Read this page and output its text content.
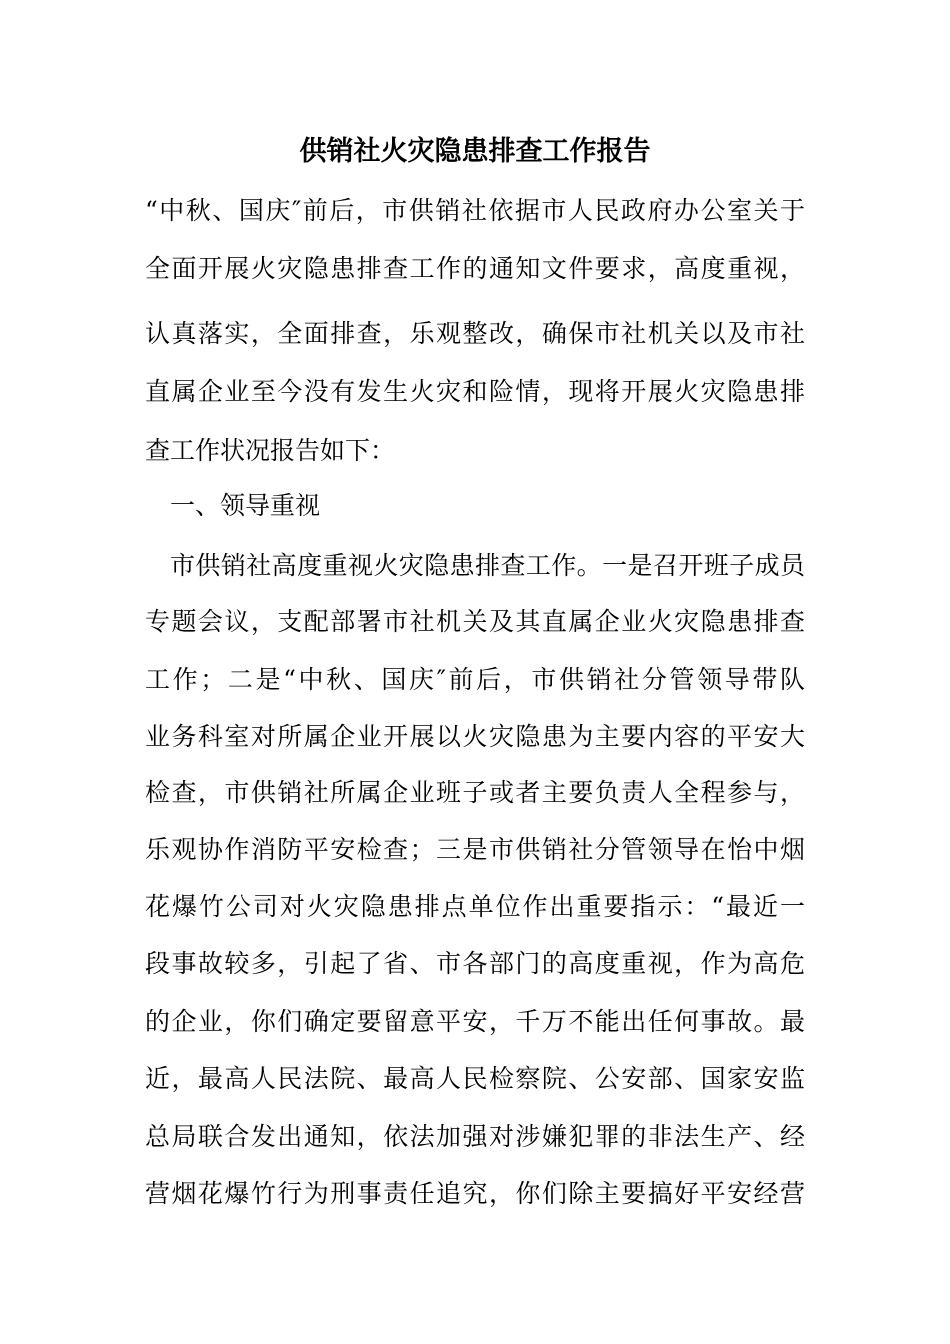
供销社火灾隐患排查工作报告

“中秋、国庆″前后，市供销社依据市人民政府办公室关于

全面开展火灾隐患排查工作的通知文件要求，高度重视，

认真落实，全面排查，乐观整改，确保市社机关以及市社

直属企业至今没有发生火灾和险情，现将开展火灾隐患排

查工作状况报告如下：

一、领导重视

市供销社高度重视火灾隐患排查工作。一是召开班子成员

专题会议，支配部署市社机关及其直属企业火灾隐患排查

工作；二是“中秋、国庆″前后，市供销社分管领导带队

业务科室对所属企业开展以火灾隐患为主要内容的平安大

检查，市供销社所属企业班子或者主要负责人全程参与，

乐观协作消防平安检查；三是市供销社分管领导在怡中烟

花爆竹公司对火灾隐患排点单位作出重要指示：“最近一

段事故较多，引起了省、市各部门的高度重视，作为高危

的企业，你们确定要留意平安，千万不能出任何事故。最

近，最高人民法院、最高人民检察院、公安部、国家安监

总局联合发出通知，依法加强对涉嫌犯罪的非法生产、经

营烟花爆竹行为刑事责任追究，你们除主要搞好平安经营
